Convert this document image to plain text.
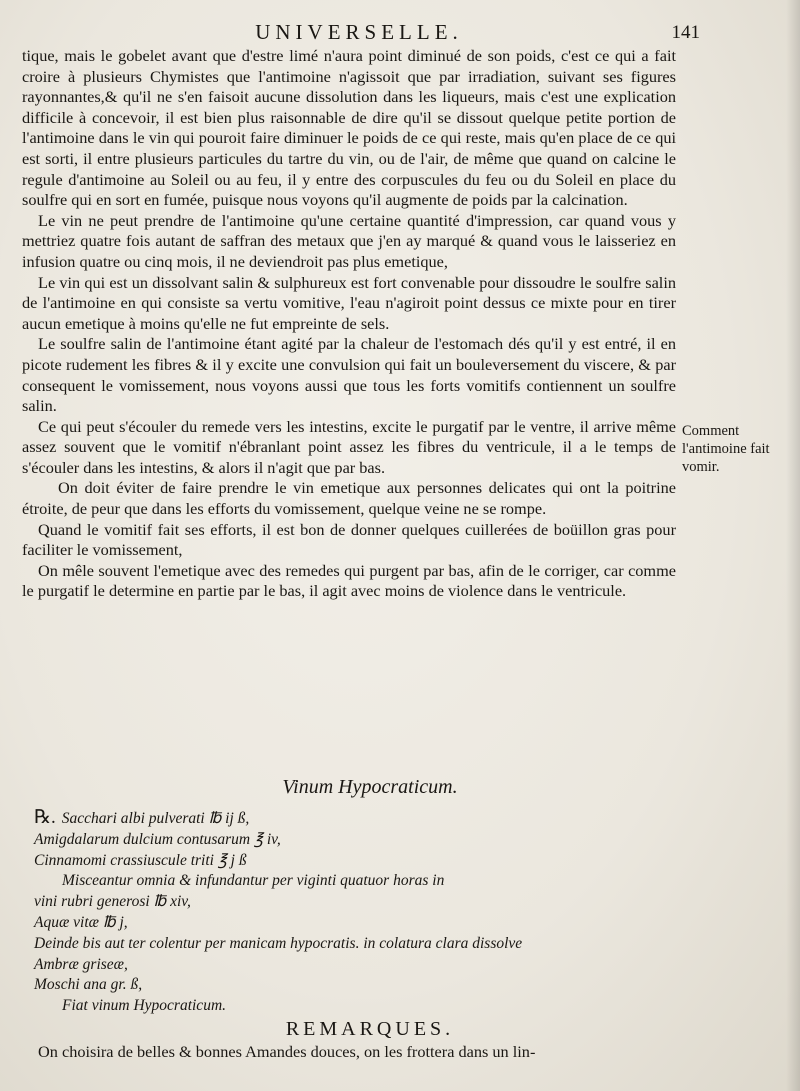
UNIVERSELLE.	141

tique, mais le gobelet avant que d'estre limé n'aura point diminué de son poids, c'est ce qui a fait croire à plusieurs Chymistes que l'antimoine n'agissoit que par irradiation, suivant ses figures rayonnantes,& qu'il ne s'en faisoit aucune dissolution dans les liqueurs, mais c'est une explication difficile à concevoir, il est bien plus raisonnable de dire qu'il se dissout quelque petite portion de l'antimoine dans le vin qui pouroit faire diminuer le poids de ce qui reste, mais qu'en place de ce qui est sorti, il entre plusieurs particules du tartre du vin, ou de l'air, de même que quand on calcine le regule d'antimoine au Soleil ou au feu, il y entre des corpuscules du feu ou du Soleil en place du soulfre qui en sort en fumée, puisque nous voyons qu'il augmente de poids par la calcination.

Le vin ne peut prendre de l'antimoine qu'une certaine quantité d'impression, car quand vous y mettriez quatre fois autant de saffran des metaux que j'en ay marqué & quand vous le laisseriez en infusion quatre ou cinq mois, il ne deviendroit pas plus emetique,

Le vin qui est un dissolvant salin & sulphureux est fort convenable pour dissoudre le soulfre salin de l'antimoine en qui consiste sa vertu vomitive, l'eau n'agiroit point dessus ce mixte pour en tirer aucun emetique à moins qu'elle ne fut empreinte de sels.

Le soulfre salin de l'antimoine étant agité par la chaleur de l'estomach dés qu'il y est entré, il en picote rudement les fibres & il y excite une convulsion qui fait un bouleversement du viscere, & par consequent le vomissement, nous voyons aussi que tous les forts vomitifs contiennent un soulfre salin.

Ce qui peut s'écouler du remede vers les intestins, excite le purgatif par le ventre, il arrive même assez souvent que le vomitif n'ébranlant point assez les fibres du ventricule, il a le temps de s'écouler dans les intestins, & alors il n'agit que par bas.

On doit éviter de faire prendre le vin emetique aux personnes delicates qui ont la poitrine étroite, de peur que dans les efforts du vomissement, quelque veine ne se rompe.

Quand le vomitif fait ses efforts, il est bon de donner quelques cuillerées de boüillon gras pour faciliter le vomissement,

On mêle souvent l'emetique avec des remedes qui purgent par bas, afin de le corriger, car comme le purgatif le determine en partie par le bas, il agit avec moins de violence dans le ventricule.

Comment l'antimoine fait vomir.
Vinum Hypocraticum.
℞. Sacchari albi pulverati ℔ ij ß,
Amigdalarum dulcium contusarum ℥ iv,
Cinnamomi crassiuscule triti ℥ j ß
Misceantur omnia & infundantur per viginti quatuor horas in
vini rubri generosi ℔ xiv,
Aquæ vitæ ℔ j,
Deinde bis aut ter colentur per manicam hypocratis. in colatura clara dissolve
Ambræ griseæ,
Moschi ana gr. ß,
Fiat vinum Hypocraticum.
REMARQUES.
On choisira de belles & bonnes Amandes douces, on les frottera dans un lin-
